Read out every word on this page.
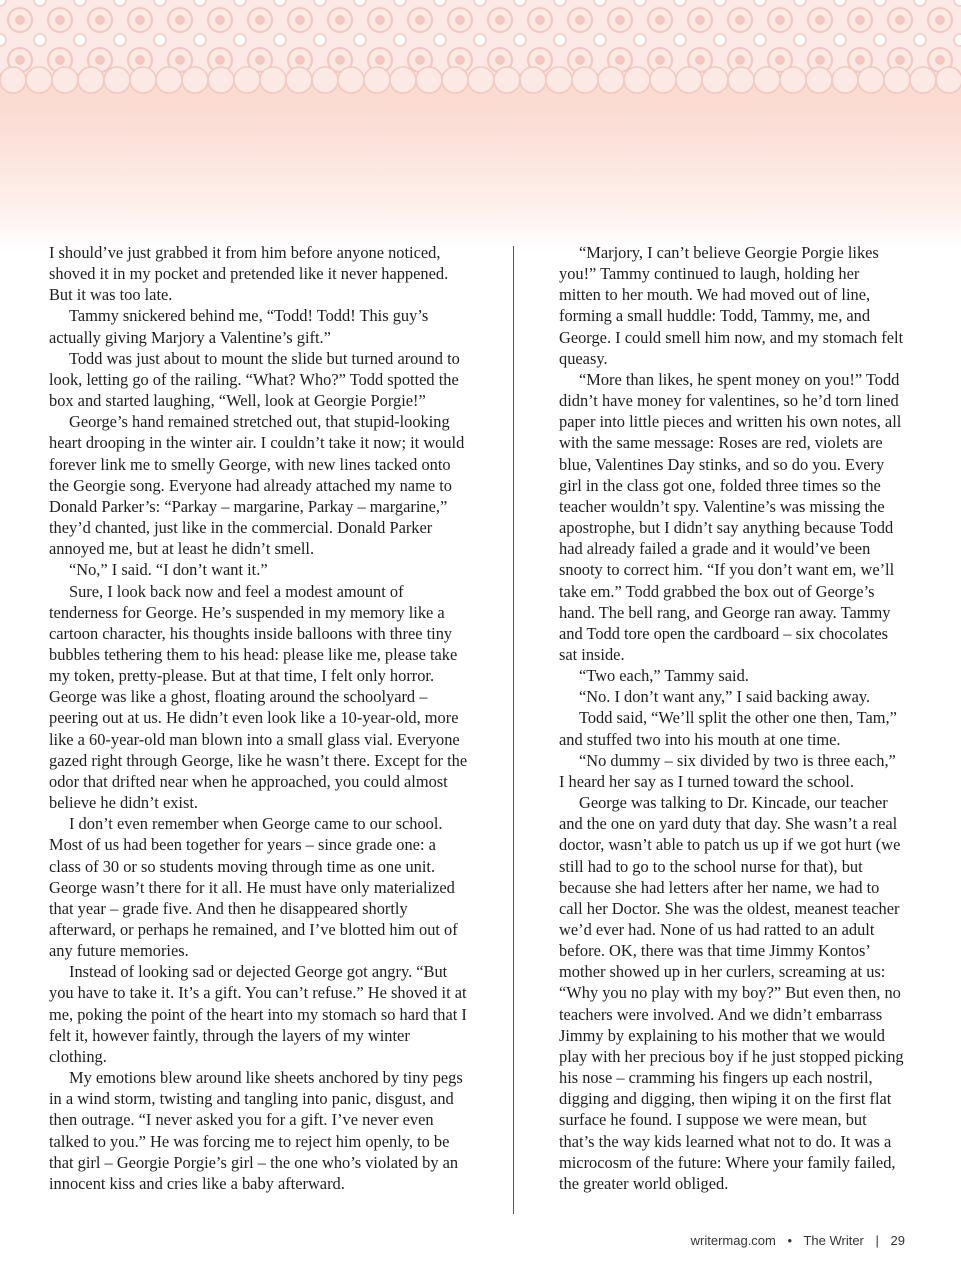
I should’ve just grabbed it from him before anyone noticed, shoved it in my pocket and pretended like it never happened. But it was too late.

Tammy snickered behind me, “Todd! Todd! This guy’s actually giving Marjory a Valentine’s gift.”

Todd was just about to mount the slide but turned around to look, letting go of the railing. “What? Who?” Todd spotted the box and started laughing, “Well, look at Georgie Porgie!”

George’s hand remained stretched out, that stupid-looking heart drooping in the winter air. I couldn’t take it now; it would forever link me to smelly George, with new lines tacked onto the Georgie song. Everyone had already attached my name to Donald Parker’s: “Parkay – margarine, Parkay – margarine,” they’d chanted, just like in the commercial. Donald Parker annoyed me, but at least he didn’t smell.

“No,” I said. “I don’t want it.”

Sure, I look back now and feel a modest amount of tenderness for George. He’s suspended in my memory like a cartoon character, his thoughts inside balloons with three tiny bubbles tethering them to his head: please like me, please take my token, pretty-please. But at that time, I felt only horror. George was like a ghost, floating around the schoolyard – peering out at us. He didn’t even look like a 10-year-old, more like a 60-year-old man blown into a small glass vial. Everyone gazed right through George, like he wasn’t there. Except for the odor that drifted near when he approached, you could almost believe he didn’t exist.

I don’t even remember when George came to our school. Most of us had been together for years – since grade one: a class of 30 or so students moving through time as one unit. George wasn’t there for it all. He must have only materialized that year – grade five. And then he disappeared shortly afterward, or perhaps he remained, and I’ve blotted him out of any future memories.

Instead of looking sad or dejected George got angry. “But you have to take it. It’s a gift. You can’t refuse.” He shoved it at me, poking the point of the heart into my stomach so hard that I felt it, however faintly, through the layers of my winter clothing.

My emotions blew around like sheets anchored by tiny pegs in a wind storm, twisting and tangling into panic, disgust, and then outrage. “I never asked you for a gift. I’ve never even talked to you.” He was forcing me to reject him openly, to be that girl – Georgie Porgie’s girl – the one who’s violated by an innocent kiss and cries like a baby afterward.

“Marjory, I can’t believe Georgie Porgie likes you!” Tammy continued to laugh, holding her mitten to her mouth. We had moved out of line, forming a small huddle: Todd, Tammy, me, and George. I could smell him now, and my stomach felt queasy.

“More than likes, he spent money on you!” Todd didn’t have money for valentines, so he’d torn lined paper into little pieces and written his own notes, all with the same message: Roses are red, violets are blue, Valentines Day stinks, and so do you. Every girl in the class got one, folded three times so the teacher wouldn’t spy. Valentine’s was missing the apostrophe, but I didn’t say anything because Todd had already failed a grade and it would’ve been snooty to correct him. “If you don’t want em, we’ll take em.” Todd grabbed the box out of George’s hand. The bell rang, and George ran away. Tammy and Todd tore open the cardboard – six chocolates sat inside.

“Two each,” Tammy said.

“No. I don’t want any,” I said backing away.

Todd said, “We’ll split the other one then, Tam,” and stuffed two into his mouth at one time.

“No dummy – six divided by two is three each,” I heard her say as I turned toward the school.

George was talking to Dr. Kincade, our teacher and the one on yard duty that day. She wasn’t a real doctor, wasn’t able to patch us up if we got hurt (we still had to go to the school nurse for that), but because she had letters after her name, we had to call her Doctor. She was the oldest, meanest teacher we’d ever had. None of us had ratted to an adult before. OK, there was that time Jimmy Kontos’ mother showed up in her curlers, screaming at us: “Why you no play with my boy?” But even then, no teachers were involved. And we didn’t embarrass Jimmy by explaining to his mother that we would play with her precious boy if he just stopped picking his nose – cramming his fingers up each nostril, digging and digging, then wiping it on the first flat surface he found. I suppose we were mean, but that’s the way kids learned what not to do. It was a microcosm of the future: Where your family failed, the greater world obliged.

writermag.com • The Writer | 29
